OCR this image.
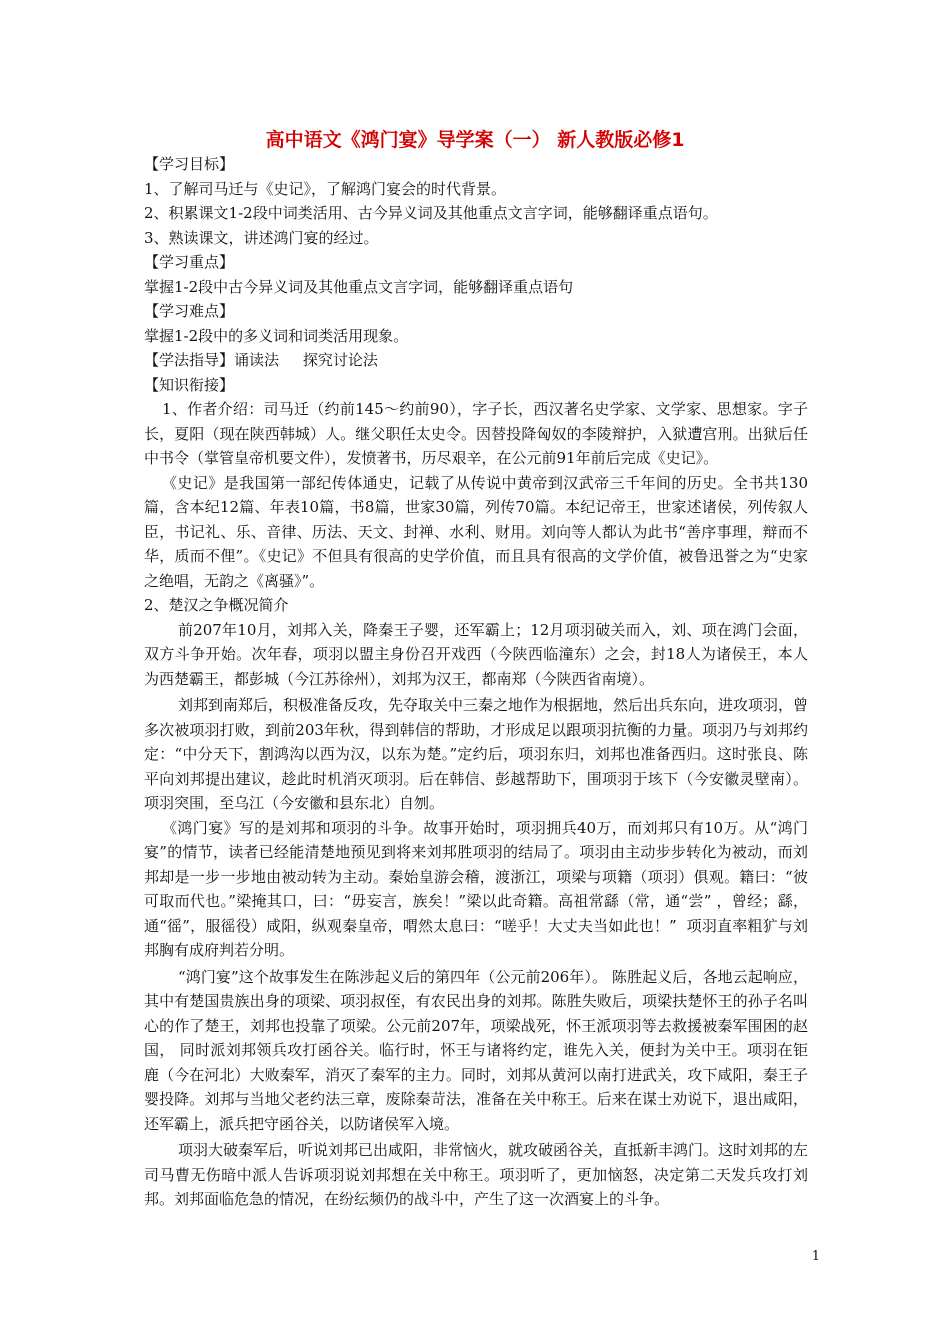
高中语文《鸿门宴》导学案（一） 新人教版必修1

【学习目标】

1、了解司马迁与《史记》，了解鸿门宴会的时代背景。

2、积累课文1-2段中词类活用、古今异义词及其他重点文言字词，能够翻译重点语句。

3、熟读课文，讲述鸿门宴的经过。

【学习重点】

掌握1-2段中古今异义词及其他重点文言字词，能够翻译重点语句

【学习难点】

掌握1-2段中的多义词和词类活用现象。

【学法指导】诵读法     探究讨论法

【知识衔接】

1、作者介绍：司马迁（约前145～约前90），字子长，西汉著名史学家、文学家、思想家。字子长，夏阳（现在陕西韩城）人。继父职任太史令。因替投降匈奴的李陵辩护，入狱遭宫刑。出狱后任中书令（掌管皇帝机要文件），发愤著书，历尽艰辛，在公元前91年前后完成《史记》。

《史记》是我国第一部纪传体通史，记载了从传说中黄帝到汉武帝三千年间的历史。全书共130篇，含本纪12篇、年表10篇，书8篇，世家30篇，列传70篇。本纪记帝王，世家述诸侯，列传叙人臣，书记礼、乐、音律、历法、天文、封禅、水利、财用。刘向等人都认为此书“善序事理，辩而不华，质而不俚”。《史记》不但具有很高的史学价值，而且具有很高的文学价值，被鲁迅誉之为“史家之绝唱，无韵之《离骚》”。

2、楚汉之争概况简介

前207年10月，刘邦入关，降秦王子婴，还军霸上；12月项羽破关而入，刘、项在鸿门会面，双方斗争开始。次年春，项羽以盟主身份召开戏西（今陕西临潼东）之会，封18人为诸侯王，本人为西楚霸王，都彭城（今江苏徐州），刘邦为汉王，都南郑（今陕西省南境）。

刘邦到南郑后，积极准备反攻，先夺取关中三秦之地作为根据地，然后出兵东向，进攻项羽，曾多次被项羽打败，到前203年秋，得到韩信的帮助，才形成足以跟项羽抗衡的力量。项羽乃与刘邦约定：“中分天下，割鸿沟以西为汉，以东为楚。”定约后，项羽东归，刘邦也准备西归。这时张良、陈平向刘邦提出建议，趁此时机消灭项羽。后在韩信、彭越帮助下，围项羽于垓下（今安徽灵壁南）。项羽突围，至乌江（今安徽和县东北）自刎。

《鸿门宴》写的是刘邦和项羽的斗争。故事开始时，项羽拥兵40万，而刘邦只有10万。从“鸿门宴”的情节，读者已经能清楚地预见到将来刘邦胜项羽的结局了。项羽由主动步步转化为被动，而刘邦却是一步一步地由被动转为主动。秦始皇游会稽，渡浙江，项梁与项籍（项羽）俱观。籍曰：“彼可取而代也。”梁掩其口，曰：“毋妄言，族矣！”梁以此奇籍。高祖常繇（常，通“尝” ，曾经；繇，通“徭”，服徭役）咸阳，纵观秦皇帝，喟然太息曰：“嗟乎！大丈夫当如此也！”  项羽直率粗犷与刘邦胸有成府判若分明。

“鸿门宴”这个故事发生在陈涉起义后的第四年（公元前206年）。 陈胜起义后，各地云起响应，其中有楚国贵族出身的项梁、项羽叔侄，有农民出身的刘邦。陈胜失败后，项梁扶楚怀王的孙子名叫心的作了楚王，刘邦也投靠了项梁。公元前207年，项梁战死，怀王派项羽等去救援被秦军围困的赵国， 同时派刘邦领兵攻打函谷关。临行时，怀王与诸将约定，谁先入关，便封为关中王。项羽在钜鹿（今在河北）大败秦军，消灭了秦军的主力。同时，刘邦从黄河以南打进武关，攻下咸阳，秦王子婴投降。刘邦与当地父老约法三章，废除秦苛法，准备在关中称王。后来在谋士劝说下，退出咸阳，还军霸上，派兵把守函谷关，以防诸侯军入境。

项羽大破秦军后，听说刘邦已出咸阳，非常恼火，就攻破函谷关，直抵新丰鸿门。这时刘邦的左司马曹无伤暗中派人告诉项羽说刘邦想在关中称王。项羽听了，更加恼怒，决定第二天发兵攻打刘邦。刘邦面临危急的情况，在纷纭频仍的战斗中，产生了这一次酒宴上的斗争。

1
